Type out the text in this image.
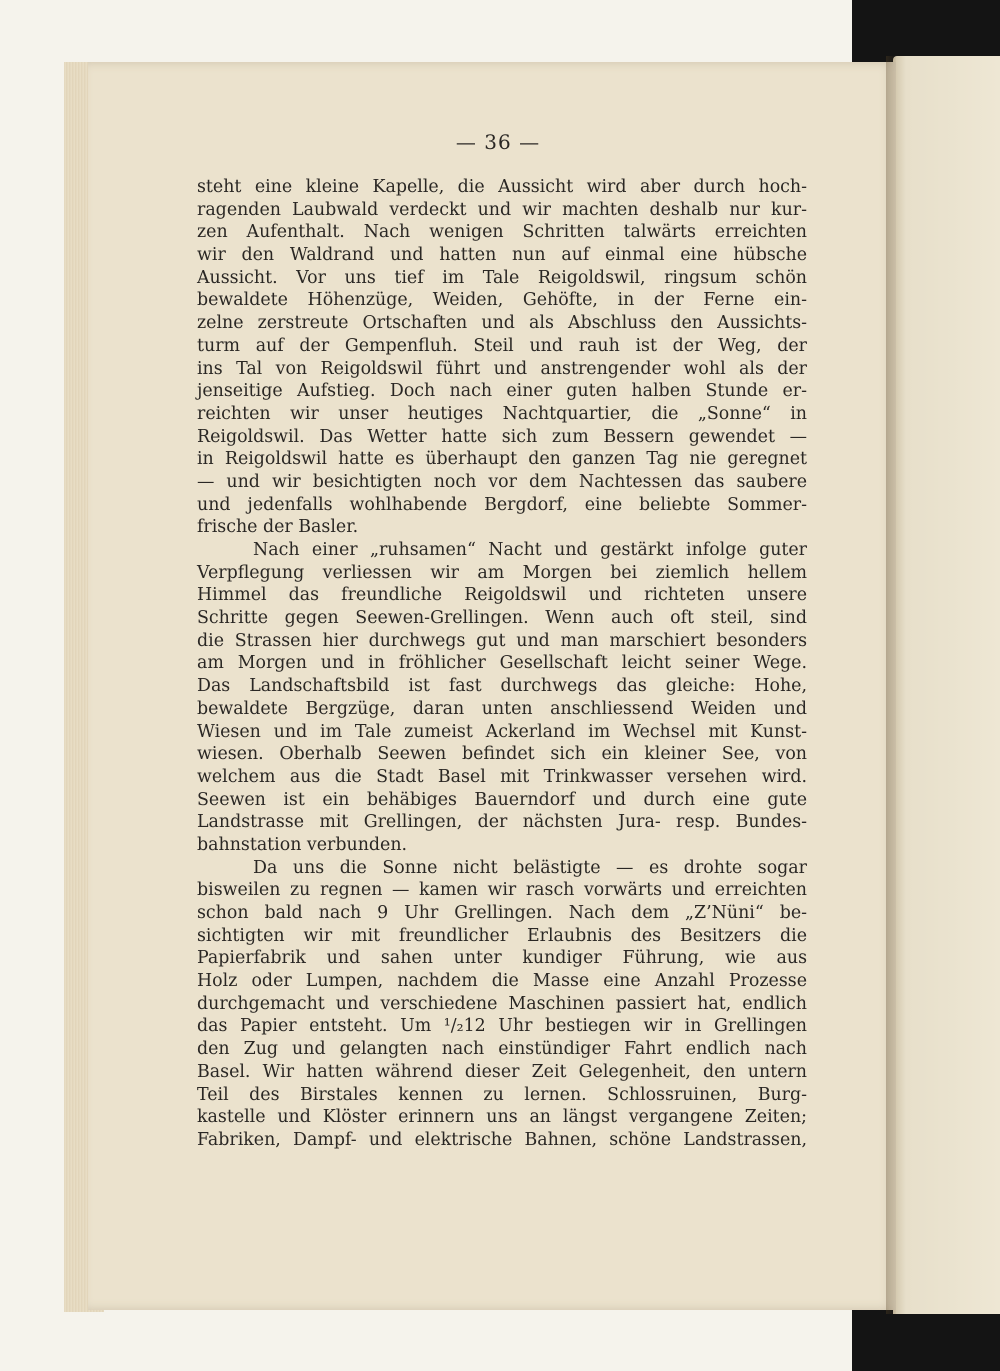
— 36 —
steht eine kleine Kapelle, die Aussicht wird aber durch hoch-
ragenden Laubwald verdeckt und wir machten deshalb nur kur-
zen Aufenthalt. Nach wenigen Schritten talwärts erreichten
wir den Waldrand und hatten nun auf einmal eine hübsche
Aussicht. Vor uns tief im Tale Reigoldswil, ringsum schön
bewaldete Höhenzüge, Weiden, Gehöfte, in der Ferne ein-
zelne zerstreute Ortschaften und als Abschluss den Aussichts-
turm auf der Gempenfluh. Steil und rauh ist der Weg, der
ins Tal von Reigoldswil führt und anstrengender wohl als der
jenseitige Aufstieg. Doch nach einer guten halben Stunde er-
reichten wir unser heutiges Nachtquartier, die „Sonne“ in
Reigoldswil. Das Wetter hatte sich zum Bessern gewendet —
in Reigoldswil hatte es überhaupt den ganzen Tag nie geregnet
— und wir besichtigten noch vor dem Nachtessen das saubere
und jedenfalls wohlhabende Bergdorf, eine beliebte Sommer-
frische der Basler.
Nach einer „ruhsamen“ Nacht und gestärkt infolge guter
Verpflegung verliessen wir am Morgen bei ziemlich hellem
Himmel das freundliche Reigoldswil und richteten unsere
Schritte gegen Seewen-Grellingen. Wenn auch oft steil, sind
die Strassen hier durchwegs gut und man marschiert besonders
am Morgen und in fröhlicher Gesellschaft leicht seiner Wege.
Das Landschaftsbild ist fast durchwegs das gleiche: Hohe,
bewaldete Bergzüge, daran unten anschliessend Weiden und
Wiesen und im Tale zumeist Ackerland im Wechsel mit Kunst-
wiesen. Oberhalb Seewen befindet sich ein kleiner See, von
welchem aus die Stadt Basel mit Trinkwasser versehen wird.
Seewen ist ein behäbiges Bauerndorf und durch eine gute
Landstrasse mit Grellingen, der nächsten Jura- resp. Bundes-
bahnstation verbunden.
Da uns die Sonne nicht belästigte — es drohte sogar
bisweilen zu regnen — kamen wir rasch vorwärts und erreichten
schon bald nach 9 Uhr Grellingen. Nach dem „Z’Nüni“ be-
sichtigten wir mit freundlicher Erlaubnis des Besitzers die
Papierfabrik und sahen unter kundiger Führung, wie aus
Holz oder Lumpen, nachdem die Masse eine Anzahl Prozesse
durchgemacht und verschiedene Maschinen passiert hat, endlich
das Papier entsteht. Um ¹/₂12 Uhr bestiegen wir in Grellingen
den Zug und gelangten nach einstündiger Fahrt endlich nach
Basel. Wir hatten während dieser Zeit Gelegenheit, den untern
Teil des Birstales kennen zu lernen. Schlossruinen, Burg-
kastelle und Klöster erinnern uns an längst vergangene Zeiten;
Fabriken, Dampf- und elektrische Bahnen, schöne Landstrassen,
